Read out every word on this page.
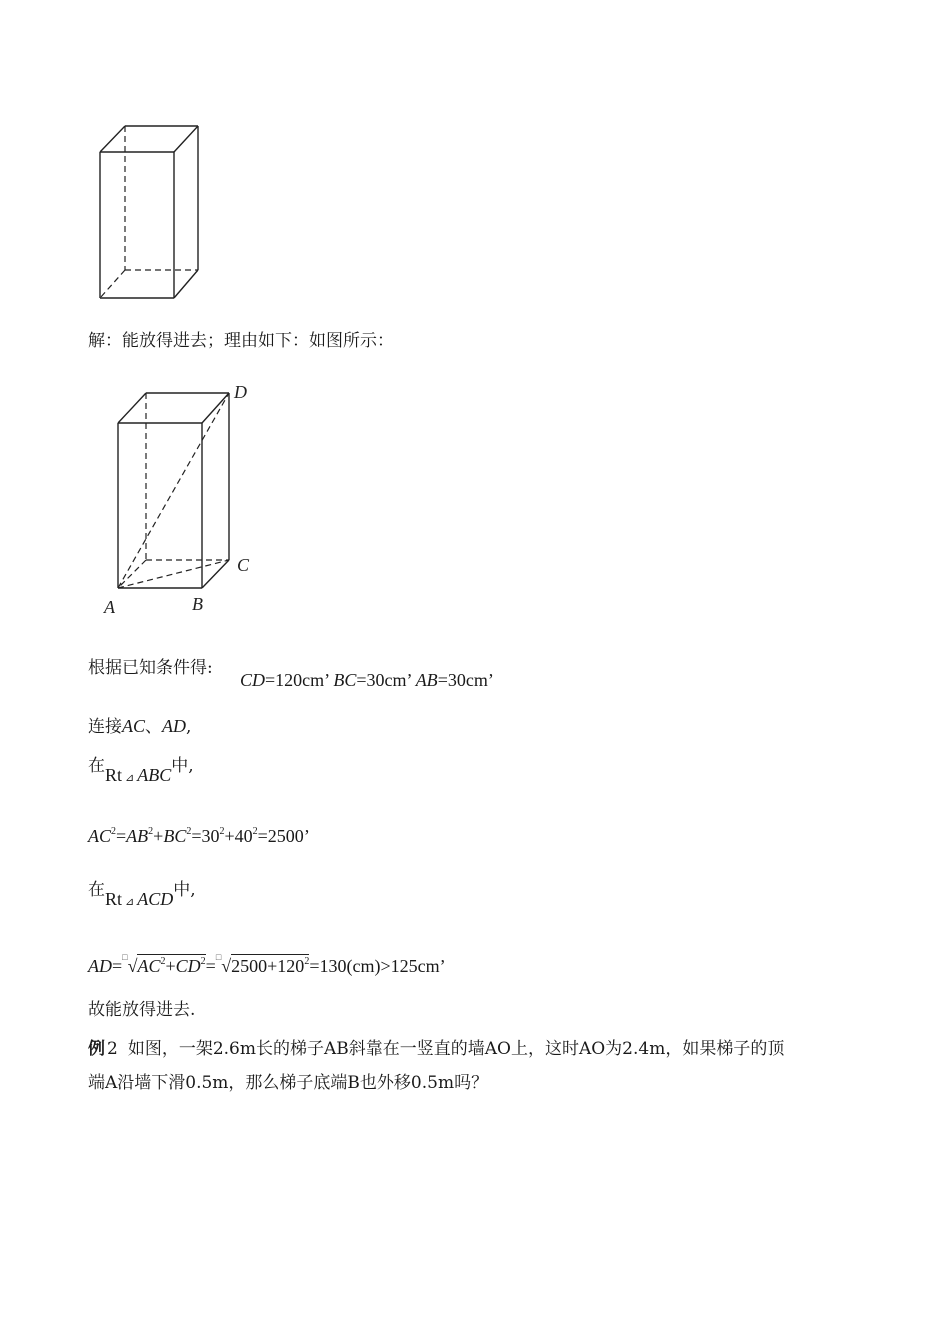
解：能放得进去；理由如下：如图所示：
D
C
A	B
根据已知条件得:
CD=120cm’ BC=30cm’ AB=30cm’
连接AC、AD,
在Rt ⊿ ABC中,
$AC^2=AB^2+BC^2=30^2+40^2=2500$’
在Rt ⊿ ACD中,
$AD=^□√AC^2+CD^2=^□√2500+120^2=130(cm)>125cm$’
故能放得进去.
例 2 如图，一架2.6m长的梯子AB斜靠在一竖直的墙AO上，这时AO为2.4m，如果梯子的顶
端A沿墙下滑0.5m，那么梯子底端B也外移0.5m吗？
